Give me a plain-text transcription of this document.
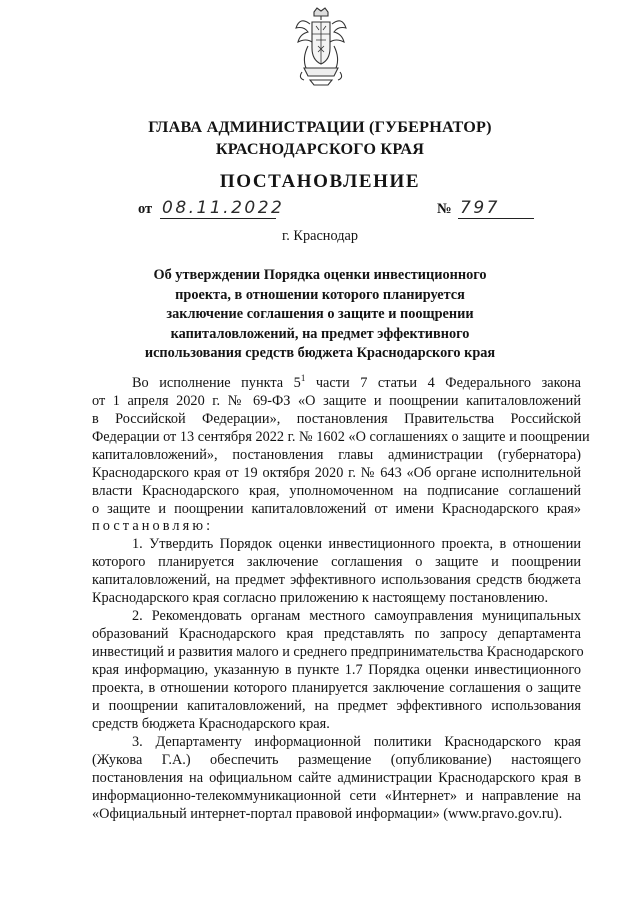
ГЛАВА АДМИНИСТРАЦИИ (ГУБЕРНАТОР)
КРАСНОДАРСКОГО КРАЯ
ПОСТАНОВЛЕНИЕ
от 08.11.2022	№ 797
г. Краснодар
Об утверждении Порядка оценки инвестиционного
проекта, в отношении которого планируется
заключение соглашения о защите и поощрении
капиталовложений, на предмет эффективного
использования средств бюджета Краснодарского края
Во исполнение пункта $5^1$ части 7 статьи 4 Федерального закона
от 1 апреля 2020 г. № 69-ФЗ «О защите и поощрении капиталовложений
в Российской Федерации», постановления Правительства Российской
Федерации от 13 сентября 2022 г. № 1602 «О соглашениях о защите и поощрении
капиталовложений», постановления главы администрации (губернатора)
Краснодарского края от 19 октября 2020 г. № 643 «Об органе исполнительной
власти Краснодарского края, уполномоченном на подписание соглашений
о защите и поощрении капиталовложений от имени Краснодарского края»
постановляю:
1. Утвердить Порядок оценки инвестиционного проекта, в отношении
которого планируется заключение соглашения о защите и поощрении
капиталовложений, на предмет эффективного использования средств бюджета
Краснодарского края согласно приложению к настоящему постановлению.
2. Рекомендовать органам местного самоуправления муниципальных
образований Краснодарского края представлять по запросу департамента
инвестиций и развития малого и среднего предпринимательства Краснодарского
края информацию, указанную в пункте 1.7 Порядка оценки инвестиционного
проекта, в отношении которого планируется заключение соглашения о защите
и поощрении капиталовложений, на предмет эффективного использования
средств бюджета Краснодарского края.
3. Департаменту информационной политики Краснодарского края
(Жукова Г.А.) обеспечить размещение (опубликование) настоящего
постановления на официальном сайте администрации Краснодарского края в
информационно-телекоммуникационной сети «Интернет» и направление на
«Официальный интернет-портал правовой информации» (www.pravo.gov.ru).
